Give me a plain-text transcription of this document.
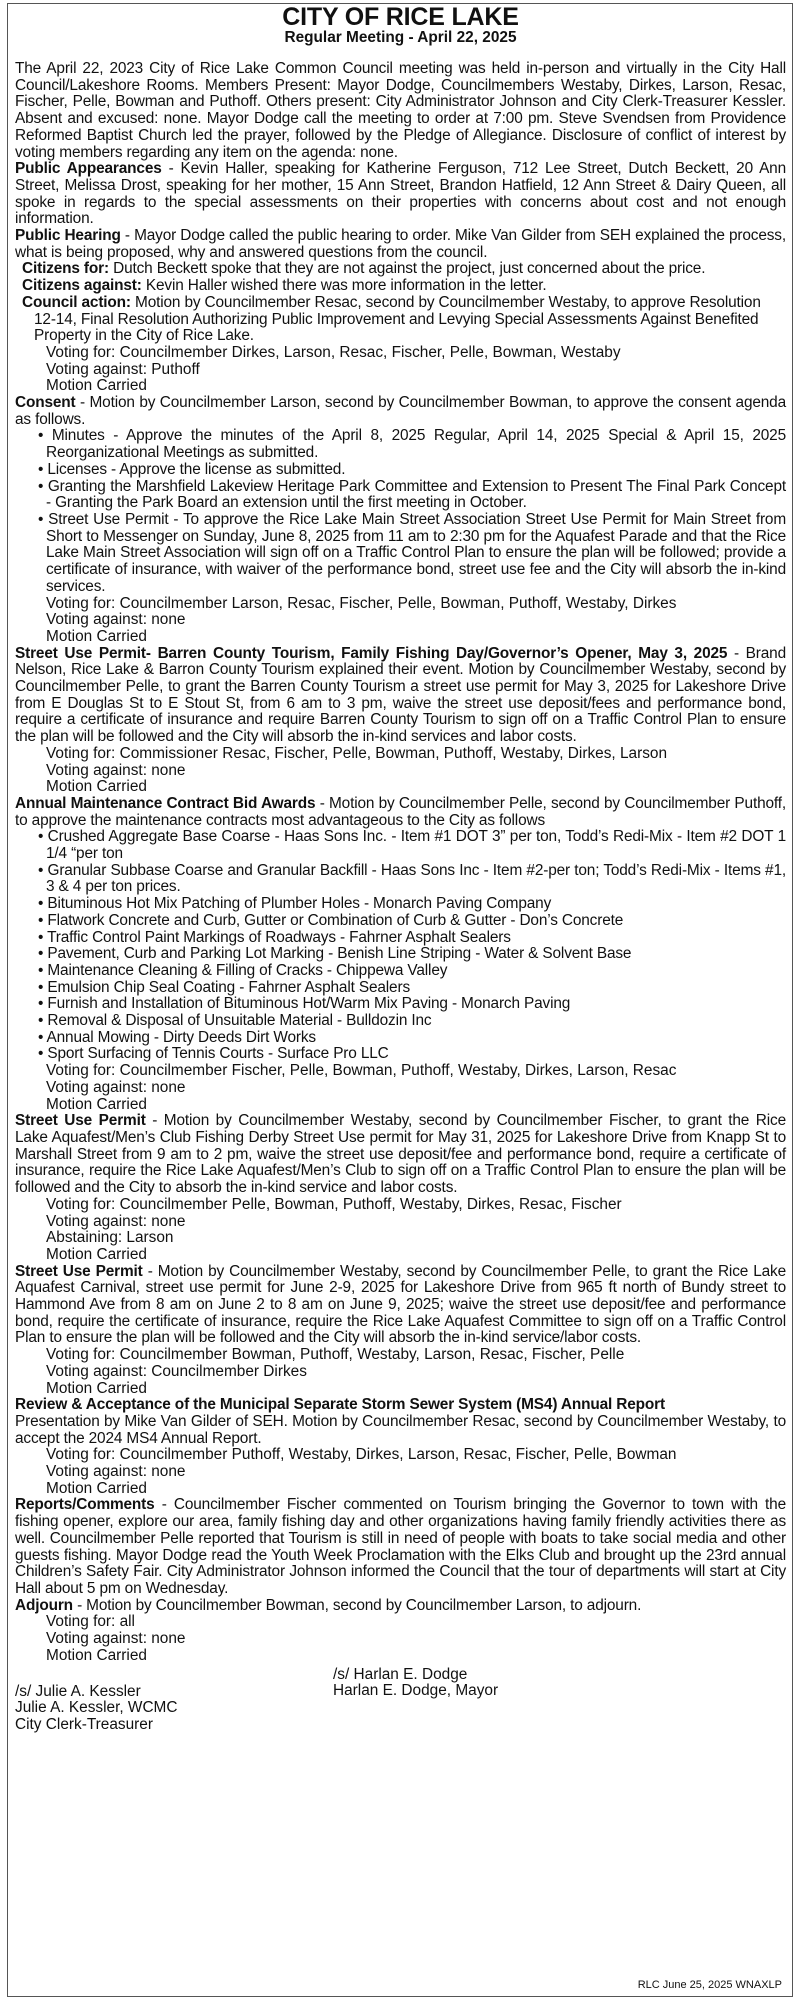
CITY OF RICE LAKE
Regular Meeting - April 22, 2025

The April 22, 2023 City of Rice Lake Common Council meeting was held in-person and virtually in the City Hall Council/Lakeshore Rooms. Members Present: Mayor Dodge, Councilmembers Westaby, Dirkes, Larson, Resac, Fischer, Pelle, Bowman and Puthoff. Others present: City Administrator Johnson and City Clerk-Treasurer Kessler. Absent and excused: none. Mayor Dodge call the meeting to order at 7:00 pm. Steve Svendsen from Providence Reformed Baptist Church led the prayer, followed by the Pledge of Allegiance. Disclosure of conflict of interest by voting members regarding any item on the agenda: none.

Public Appearances - Kevin Haller, speaking for Katherine Ferguson, 712 Lee Street, Dutch Beckett, 20 Ann Street, Melissa Drost, speaking for her mother, 15 Ann Street, Brandon Hatfield, 12 Ann Street & Dairy Queen, all spoke in regards to the special assessments on their properties with concerns about cost and not enough information.

Public Hearing - Mayor Dodge called the public hearing to order. Mike Van Gilder from SEH explained the process, what is being proposed, why and answered questions from the council.

Citizens for: Dutch Beckett spoke that they are not against the project, just concerned about the price.

Citizens against: Kevin Haller wished there was more information in the letter.

Council action: Motion by Councilmember Resac, second by Councilmember Westaby, to approve Resolution 12-14, Final Resolution Authorizing Public Improvement and Levying Special Assessments Against Benefited Property in the City of Rice Lake.

Voting for: Councilmember Dirkes, Larson, Resac, Fischer, Pelle, Bowman, Westaby
Voting against: Puthoff
Motion Carried

Consent - Motion by Councilmember Larson, second by Councilmember Bowman, to approve the consent agenda as follows.

• Minutes - Approve the minutes of the April 8, 2025 Regular, April 14, 2025 Special & April 15, 2025 Reorganizational Meetings as submitted.
• Licenses - Approve the license as submitted.
• Granting the Marshfield Lakeview Heritage Park Committee and Extension to Present The Final Park Concept - Granting the Park Board an extension until the first meeting in October.
• Street Use Permit - To approve the Rice Lake Main Street Association Street Use Permit for Main Street from Short to Messenger on Sunday, June 8, 2025 from 11 am to 2:30 pm for the Aquafest Parade and that the Rice Lake Main Street Association will sign off on a Traffic Control Plan to ensure the plan will be followed; provide a certificate of insurance, with waiver of the performance bond, street use fee and the City will absorb the in-kind services.
Voting for: Councilmember Larson, Resac, Fischer, Pelle, Bowman, Puthoff, Westaby, Dirkes
Voting against: none
Motion Carried

Street Use Permit- Barren County Tourism, Family Fishing Day/Governor’s Opener, May 3, 2025 - Brand Nelson, Rice Lake & Barron County Tourism explained their event. Motion by Councilmember Westaby, second by Councilmember Pelle, to grant the Barren County Tourism a street use permit for May 3, 2025 for Lakeshore Drive from E Douglas St to E Stout St, from 6 am to 3 pm, waive the street use deposit/fees and performance bond, require a certificate of insurance and require Barren County Tourism to sign off on a Traffic Control Plan to ensure the plan will be followed and the City will absorb the in-kind services and labor costs.

Voting for: Commissioner Resac, Fischer, Pelle, Bowman, Puthoff, Westaby, Dirkes, Larson
Voting against: none
Motion Carried

Annual Maintenance Contract Bid Awards - Motion by Councilmember Pelle, second by Councilmember Puthoff, to approve the maintenance contracts most advantageous to the City as follows

• Crushed Aggregate Base Coarse - Haas Sons Inc. - Item #1 DOT 3” per ton, Todd’s Redi-Mix - Item #2 DOT 1 1/4 “per ton
• Granular Subbase Coarse and Granular Backfill - Haas Sons Inc - Item #2-per ton; Todd’s Redi-Mix - Items #1, 3 & 4 per ton prices.
• Bituminous Hot Mix Patching of Plumber Holes - Monarch Paving Company
• Flatwork Concrete and Curb, Gutter or Combination of Curb & Gutter - Don’s Concrete
• Traffic Control Paint Markings of Roadways - Fahrner Asphalt Sealers
• Pavement, Curb and Parking Lot Marking - Benish Line Striping - Water & Solvent Base
• Maintenance Cleaning & Filling of Cracks - Chippewa Valley
• Emulsion Chip Seal Coating - Fahrner Asphalt Sealers
• Furnish and Installation of Bituminous Hot/Warm Mix Paving - Monarch Paving
• Removal & Disposal of Unsuitable Material - Bulldozin Inc
• Annual Mowing - Dirty Deeds Dirt Works
• Sport Surfacing of Tennis Courts - Surface Pro LLC
Voting for: Councilmember Fischer, Pelle, Bowman, Puthoff, Westaby, Dirkes, Larson, Resac
Voting against: none
Motion Carried

Street Use Permit - Motion by Councilmember Westaby, second by Councilmember Fischer, to grant the Rice Lake Aquafest/Men’s Club Fishing Derby Street Use permit for May 31, 2025 for Lakeshore Drive from Knapp St to Marshall Street from 9 am to 2 pm, waive the street use deposit/fee and performance bond, require a certificate of insurance, require the Rice Lake Aquafest/Men’s Club to sign off on a Traffic Control Plan to ensure the plan will be followed and the City to absorb the in-kind service and labor costs.

Voting for: Councilmember Pelle, Bowman, Puthoff, Westaby, Dirkes, Resac, Fischer
Voting against: none
Abstaining: Larson
Motion Carried

Street Use Permit - Motion by Councilmember Westaby, second by Councilmember Pelle, to grant the Rice Lake Aquafest Carnival, street use permit for June 2-9, 2025 for Lakeshore Drive from 965 ft north of Bundy street to Hammond Ave from 8 am on June 2 to 8 am on June 9, 2025; waive the street use deposit/fee and performance bond, require the certificate of insurance, require the Rice Lake Aquafest Committee to sign off on a Traffic Control Plan to ensure the plan will be followed and the City will absorb the in-kind service/labor costs.

Voting for: Councilmember Bowman, Puthoff, Westaby, Larson, Resac, Fischer, Pelle
Voting against: Councilmember Dirkes
Motion Carried

Review & Acceptance of the Municipal Separate Storm Sewer System (MS4) Annual Report

Presentation by Mike Van Gilder of SEH. Motion by Councilmember Resac, second by Councilmember Westaby, to accept the 2024 MS4 Annual Report.

Voting for: Councilmember Puthoff, Westaby, Dirkes, Larson, Resac, Fischer, Pelle, Bowman
Voting against: none
Motion Carried

Reports/Comments - Councilmember Fischer commented on Tourism bringing the Governor to town with the fishing opener, explore our area, family fishing day and other organizations having family friendly activities there as well. Councilmember Pelle reported that Tourism is still in need of people with boats to take social media and other guests fishing. Mayor Dodge read the Youth Week Proclamation with the Elks Club and brought up the 23rd annual Children’s Safety Fair. City Administrator Johnson informed the Council that the tour of departments will start at City Hall about 5 pm on Wednesday.

Adjourn - Motion by Councilmember Bowman, second by Councilmember Larson, to adjourn.

Voting for: all
Voting against: none
Motion Carried
/s/ Julie A. Kessler
Julie A. Kessler, WCMC
City Clerk-Treasurer
/s/ Harlan E. Dodge
Harlan E. Dodge, Mayor
RLC June 25, 2025 WNAXLP
